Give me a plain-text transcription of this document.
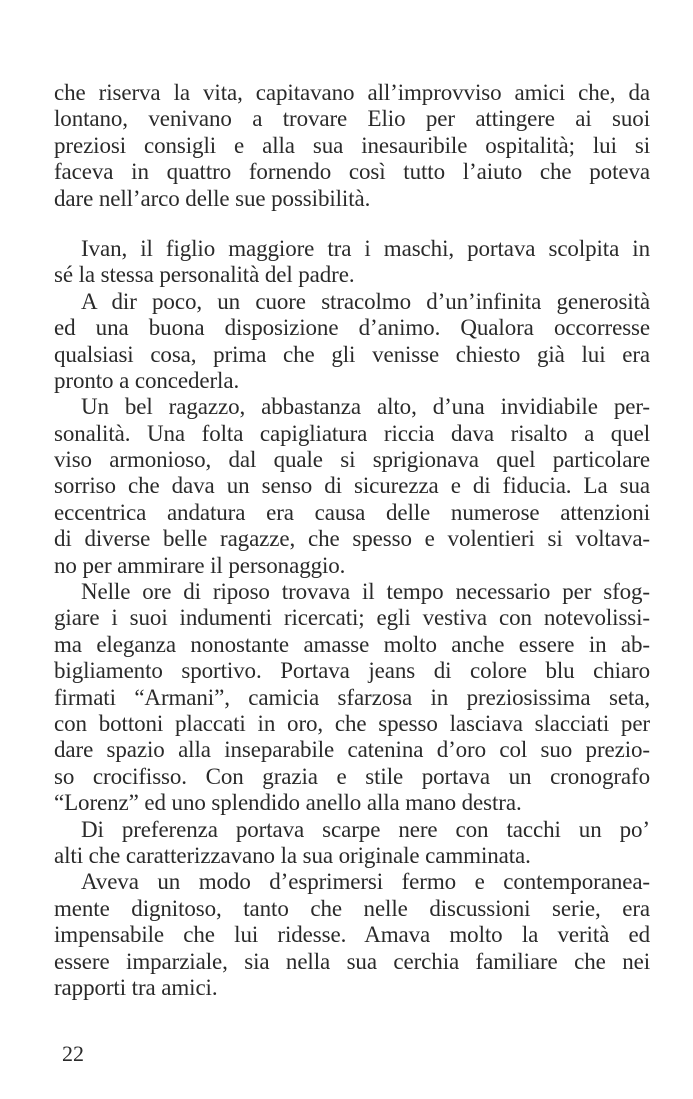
che riserva la vita, capitavano all’improvviso amici che, da
lontano, venivano a trovare Elio per attingere ai suoi
preziosi consigli e alla sua inesauribile ospitalità; lui si
faceva in quattro fornendo così tutto l’aiuto che poteva
dare nell’arco delle sue possibilità.
Ivan, il figlio maggiore tra i maschi, portava scolpita in
sé la stessa personalità del padre.
A dir poco, un cuore stracolmo d’un’infinita generosità
ed una buona disposizione d’animo. Qualora occorresse
qualsiasi cosa, prima che gli venisse chiesto già lui era
pronto a concederla.
Un bel ragazzo, abbastanza alto, d’una invidiabile per-
sonalità. Una folta capigliatura riccia dava risalto a quel
viso armonioso, dal quale si sprigionava quel particolare
sorriso che dava un senso di sicurezza e di fiducia. La sua
eccentrica andatura era causa delle numerose attenzioni
di diverse belle ragazze, che spesso e volentieri si voltava-
no per ammirare il personaggio.
Nelle ore di riposo trovava il tempo necessario per sfog-
giare i suoi indumenti ricercati; egli vestiva con notevolissi-
ma eleganza nonostante amasse molto anche essere in ab-
bigliamento sportivo. Portava jeans di colore blu chiaro
firmati “Armani”, camicia sfarzosa in preziosissima seta,
con bottoni placcati in oro, che spesso lasciava slacciati per
dare spazio alla inseparabile catenina d’oro col suo prezio-
so crocifisso. Con grazia e stile portava un cronografo
“Lorenz” ed uno splendido anello alla mano destra.
Di preferenza portava scarpe nere con tacchi un po’
alti che caratterizzavano la sua originale camminata.
Aveva un modo d’esprimersi fermo e contemporanea-
mente dignitoso, tanto che nelle discussioni serie, era
impensabile che lui ridesse. Amava molto la verità ed
essere imparziale, sia nella sua cerchia familiare che nei
rapporti tra amici.
22
